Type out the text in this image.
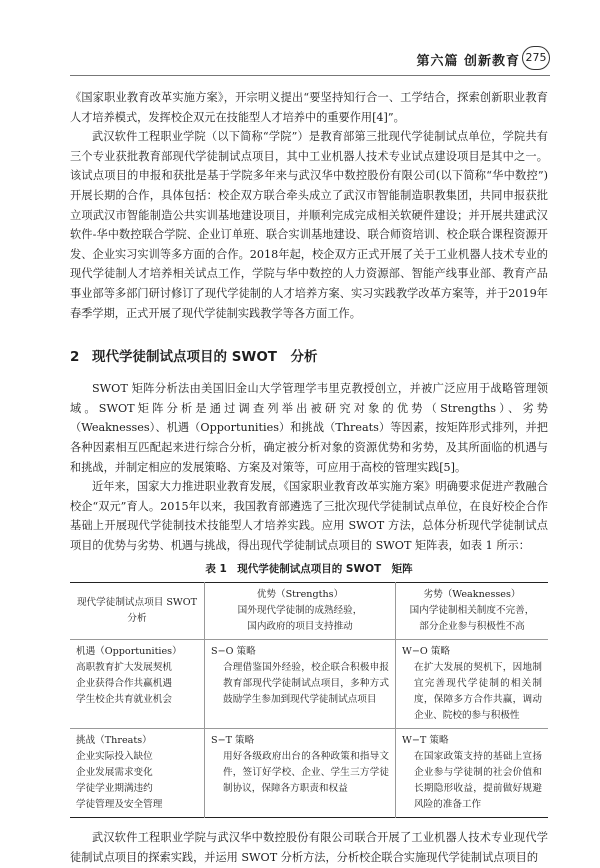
第六篇 创新教育 275

《国家职业教育改革实施方案》，开宗明义提出“要坚持知行合一、工学结合，探索创新职业教育人才培养模式，发挥校企双元在技能型人才培养中的重要作用[4]”。

武汉软件工程职业学院（以下简称“学院”）是教育部第三批现代学徒制试点单位，学院共有三个专业获批教育部现代学徒制试点项目，其中工业机器人技术专业试点建设项目是其中之一。该试点项目的申报和获批是基于学院多年来与武汉华中数控股份有限公司(以下简称“华中数控”)开展长期的合作，具体包括：校企双方联合牵头成立了武汉市智能制造职教集团，共同申报获批立项武汉市智能制造公共实训基地建设项目，并顺利完成完成相关软硬件建设；并开展共建武汉软件-华中数控联合学院、企业订单班、联合实训基地建设、联合师资培训、校企联合课程资源开发、企业实习实训等多方面的合作。2018年起，校企双方正式开展了关于工业机器人技术专业的现代学徒制人才培养相关试点工作，学院与华中数控的人力资源部、智能产线事业部、教育产品事业部等多部门研讨修订了现代学徒制的人才培养方案、实习实践教学改革方案等，并于2019年春季学期，正式开展了现代学徒制实践教学等各方面工作。

2 现代学徒制试点项目的 SWOT　分析

SWOT 矩阵分析法由美国旧金山大学管理学韦里克教授创立，并被广泛应用于战略管理领域。SWOT矩阵分析是通过调查列举出被研究对象的优势（Strengths）、劣势（Weaknesses）、机遇（Opportunities）和挑战（Threats）等因素，按矩阵形式排列，并把各种因素相互匹配起来进行综合分析，确定被分析对象的资源优势和劣势，及其所面临的机遇与和挑战，并制定相应的发展策略、方案及对策等，可应用于高校的管理实践[5]。

近年来，国家大力推进职业教育发展，《国家职业教育改革实施方案》明确要求促进产教融合校企“双元”育人。2015年以来，我国教育部遴选了三批次现代学徒制试点单位，在良好校企合作基础上开展现代学徒制技术技能型人才培养实践。应用 SWOT 方法，总体分析现代学徒制试点项目的优势与劣势、机遇与挑战，得出现代学徒制试点项目的 SWOT 矩阵表，如表 1 所示：

表 1　现代学徒制试点项目的 SWOT　矩阵
现代学徒制试点项目 SWOT 分析	优势（Strengths）
国外现代学徒制的成熟经验，
国内政府的项目支持推动	劣势（Weaknesses）
国内学徒制相关制度不完善，
部分企业参与积极性不高

机遇（Opportunities）
高职教育扩大发展契机
企业获得合作共赢机遇
学生校企共育就业机会	S−O 策略
合理借鉴国外经验，校企联合积极申报教育部现代学徒制试点项目，多种方式鼓励学生参加到现代学徒制试点项目	W−O 策略
在扩大发展的契机下，因地制宜完善现代学徒制的相关制度，保障多方合作共赢，调动企业、院校的参与积极性

挑战（Threats）
企业实际投入缺位
企业发展需求变化
学徒学业期满违约
学徒管理及安全管理	S−T 策略
用好各级政府出台的各种政策和指导文件，签订好学校、企业、学生三方学徒制协议，保障各方职责和权益	W−T 策略
在国家政策支持的基础上宣扬企业参与学徒制的社会价值和长期隐形收益，提前做好规避风险的准备工作

武汉软件工程职业学院与武汉华中数控股份有限公司联合开展了工业机器人技术专业现代学徒制试点项目的探索实践，并运用 SWOT 分析方法，分析校企联合实施现代学徒制试点项目的
